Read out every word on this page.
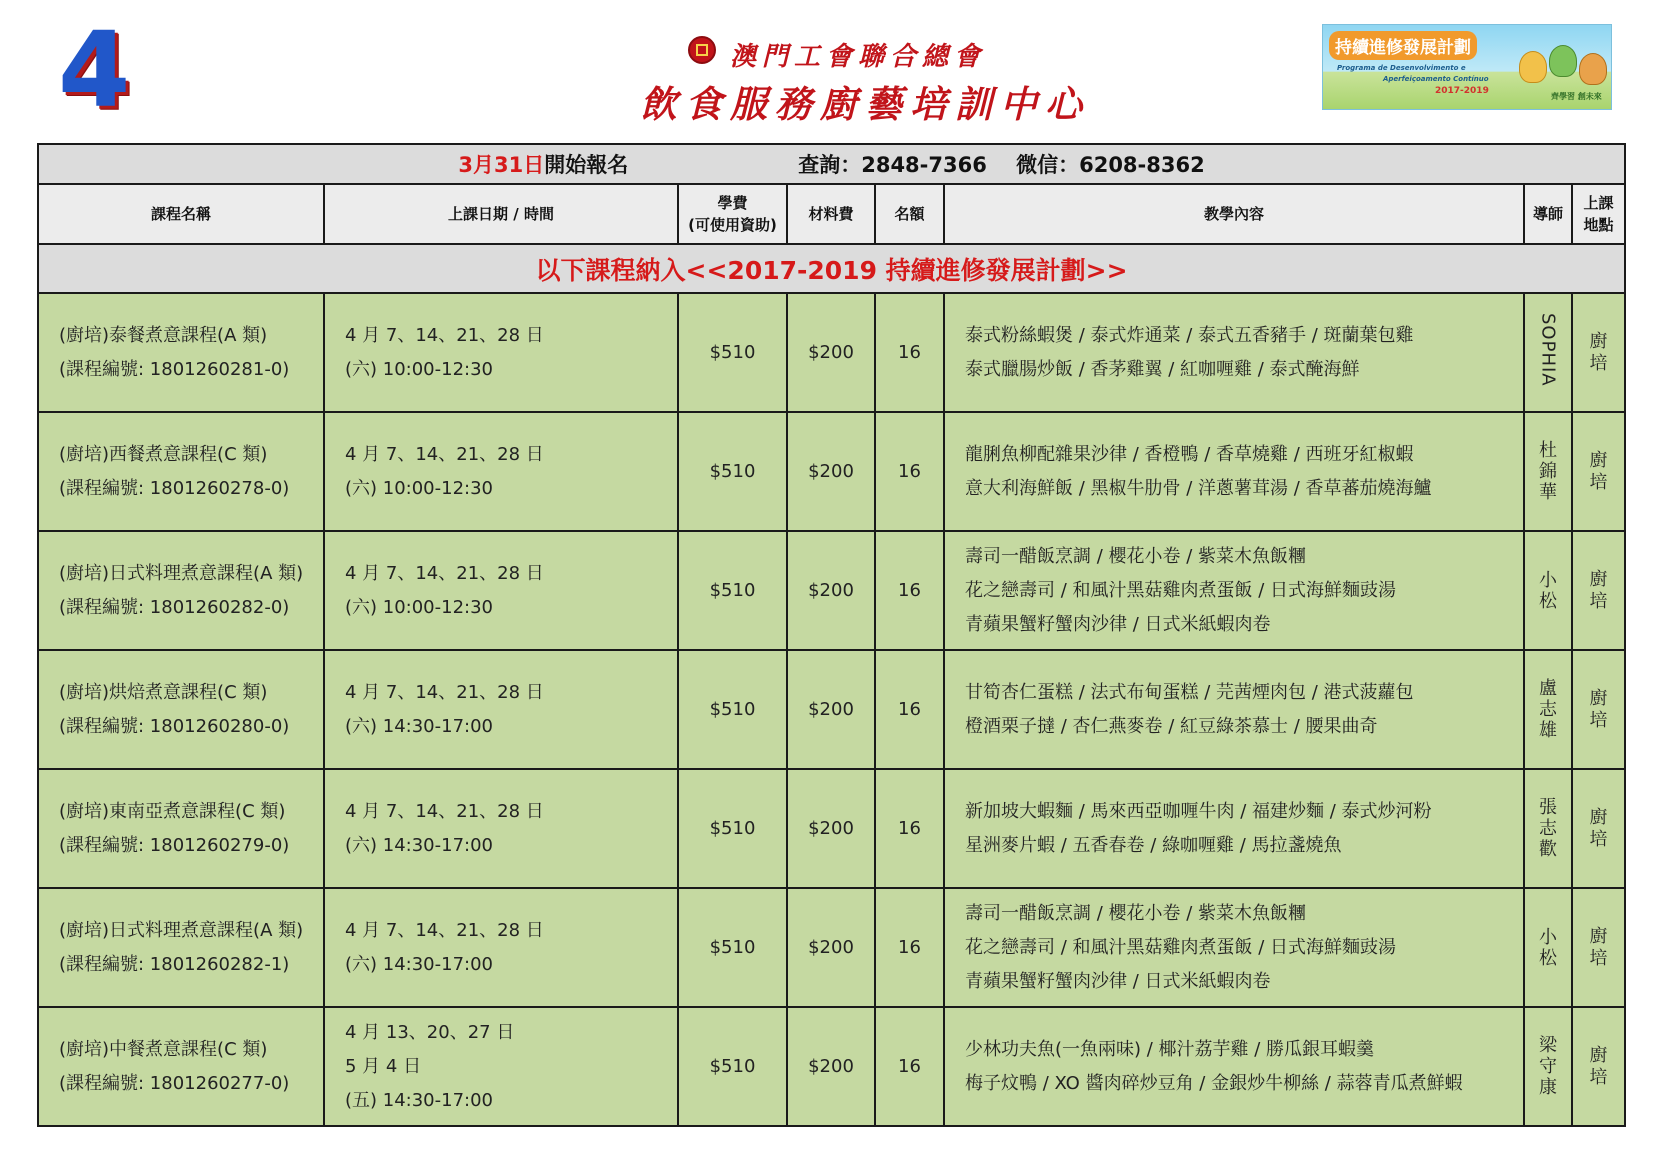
4	澳門工會聯合總會
飲食服務廚藝培訓中心
持續進修發展計劃
Programa de Desenvolvimento e
Aperfeiçoamento Contínuo
2017-2019
齊學習 創未來
3月31日開始報名 查詢：2848-7366 微信：6208-8362							
課程名稱	上課日期 / 時間	學費
(可使用資助)	材料費	名額	教學內容	導師	上課
地點
以下課程納入<<2017-2019 持續進修發展計劃>>							
(廚培)泰餐煮意課程(A 類)
(課程編號: 1801260281-0)	4 月 7、14、21、28 日
(六) 10:00-12:30	$510	$200	16	泰式粉絲蝦煲 / 泰式炸通菜 / 泰式五香豬手 / 斑蘭葉包雞
泰式臘腸炒飯 / 香茅雞翼 / 紅咖喱雞 / 泰式醃海鮮	SOPHIA	廚培
(廚培)西餐煮意課程(C 類)
(課程編號: 1801260278-0)	4 月 7、14、21、28 日
(六) 10:00-12:30	$510	$200	16	龍脷魚柳配雜果沙律 / 香橙鴨 / 香草燒雞 / 西班牙紅椒蝦
意大利海鮮飯 / 黑椒牛肋骨 / 洋蔥薯茸湯 / 香草蕃茄燒海鱸	杜錦華	廚培
(廚培)日式料理煮意課程(A 類)
(課程編號: 1801260282-0)	4 月 7、14、21、28 日
(六) 10:00-12:30	$510	$200	16	壽司一醋飯烹調 / 櫻花小卷 / 紫菜木魚飯糰
花之戀壽司 / 和風汁黑菇雞肉煮蛋飯 / 日式海鮮麵豉湯
青蘋果蟹籽蟹肉沙律 / 日式米紙蝦肉卷	小松	廚培
(廚培)烘焙煮意課程(C 類)
(課程編號: 1801260280-0)	4 月 7、14、21、28 日
(六) 14:30-17:00	$510	$200	16	甘筍杏仁蛋糕 / 法式布甸蛋糕 / 芫茜煙肉包 / 港式菠蘿包
橙酒栗子撻 / 杏仁燕麥卷 / 紅豆綠茶慕士 / 腰果曲奇	盧志雄	廚培
(廚培)東南亞煮意課程(C 類)
(課程編號: 1801260279-0)	4 月 7、14、21、28 日
(六) 14:30-17:00	$510	$200	16	新加坡大蝦麵 / 馬來西亞咖喱牛肉 / 福建炒麵 / 泰式炒河粉
星洲麥片蝦 / 五香春卷 / 綠咖喱雞 / 馬拉盞燒魚	張志歡	廚培
(廚培)日式料理煮意課程(A 類)
(課程編號: 1801260282-1)	4 月 7、14、21、28 日
(六) 14:30-17:00	$510	$200	16	壽司一醋飯烹調 / 櫻花小卷 / 紫菜木魚飯糰
花之戀壽司 / 和風汁黑菇雞肉煮蛋飯 / 日式海鮮麵豉湯
青蘋果蟹籽蟹肉沙律 / 日式米紙蝦肉卷	小松	廚培
(廚培)中餐煮意課程(C 類)
(課程編號: 1801260277-0)	4 月 13、20、27 日
5 月 4 日
(五) 14:30-17:00	$510	$200	16	少林功夫魚(一魚兩味) / 椰汁荔芋雞 / 勝瓜銀耳蝦羹
梅子炆鴨 / XO 醬肉碎炒豆角 / 金銀炒牛柳絲 / 蒜蓉青瓜煮鮮蝦	梁守康	廚培
